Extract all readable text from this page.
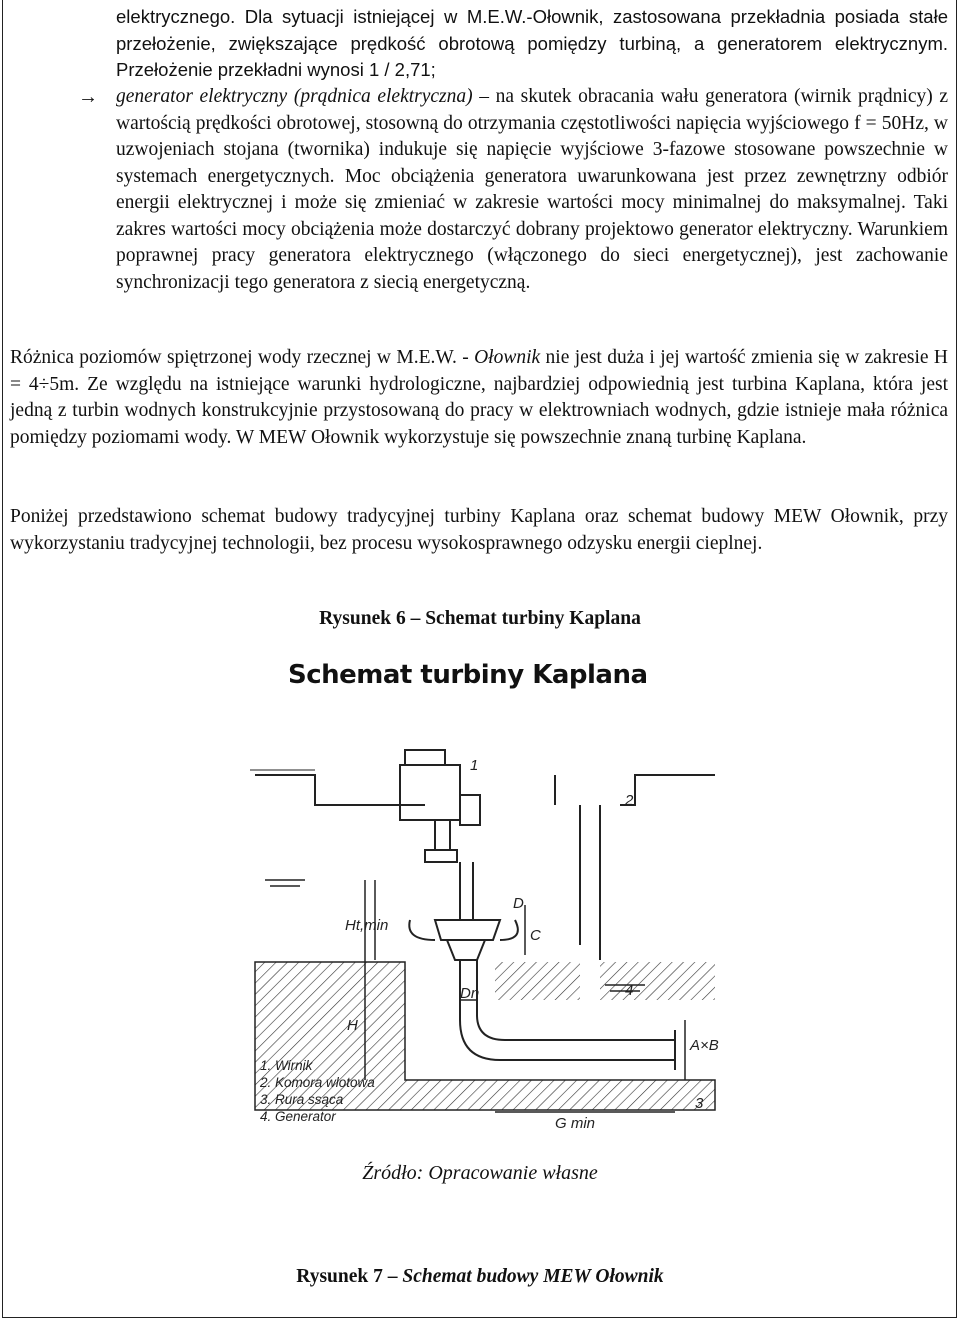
elektrycznego. Dla sytuacji istniejącej w M.E.W.-Ołownik, zastosowana przekładnia posiada stałe przełożenie, zwiększające prędkość obrotową pomiędzy turbiną, a generatorem elektrycznym. Przełożenie przekładni wynosi 1 / 2,71;

→ generator elektryczny (prądnica elektryczna) – na skutek obracania wału generatora (wirnik prądnicy) z wartością prędkości obrotowej, stosowną do otrzymania częstotliwości napięcia wyjściowego f = 50Hz, w uzwojeniach stojana (twornika) indukuje się napięcie wyjściowe 3-fazowe stosowane powszechnie w systemach energetycznych. Moc obciążenia generatora uwarunkowana jest przez zewnętrzny odbiór energii elektrycznej i może się zmieniać w zakresie wartości mocy minimalnej do maksymalnej. Taki zakres wartości mocy obciążenia może dostarczyć dobrany projektowo generator elektryczny. Warunkiem poprawnej pracy generatora elektrycznego (włączonego do sieci energetycznej), jest zachowanie synchronizacji tego generatora z siecią energetyczną.

Różnica poziomów spiętrzonej wody rzecznej w M.E.W. - Ołownik nie jest duża i jej wartość zmienia się w zakresie H = 4÷5m. Ze względu na istniejące warunki hydrologiczne, najbardziej odpowiednią jest turbina Kaplana, która jest jedną z turbin wodnych konstrukcyjnie przystosowaną do pracy w elektrowniach wodnych, gdzie istnieje mała różnica pomiędzy poziomami wody. W MEW Ołownik wykorzystuje się powszechnie znaną turbinę Kaplana.

Poniżej przedstawiono schemat budowy tradycyjnej turbiny Kaplana oraz schemat budowy MEW Ołownik, przy wykorzystaniu tradycyjnej technologii, bez procesu wysokosprawnego odzysku energii cieplnej.

Rysunek 6 – Schemat turbiny Kaplana
Schemat turbiny Kaplana
1
2
3
4
D
C
Dn
Ht,min
H
G min
A×B
1. Wirnik
2. Komora wlotowa
3. Rura ssąca
4. Generator
Źródło: Opracowanie własne
Rysunek 7 – Schemat budowy MEW Ołownik
